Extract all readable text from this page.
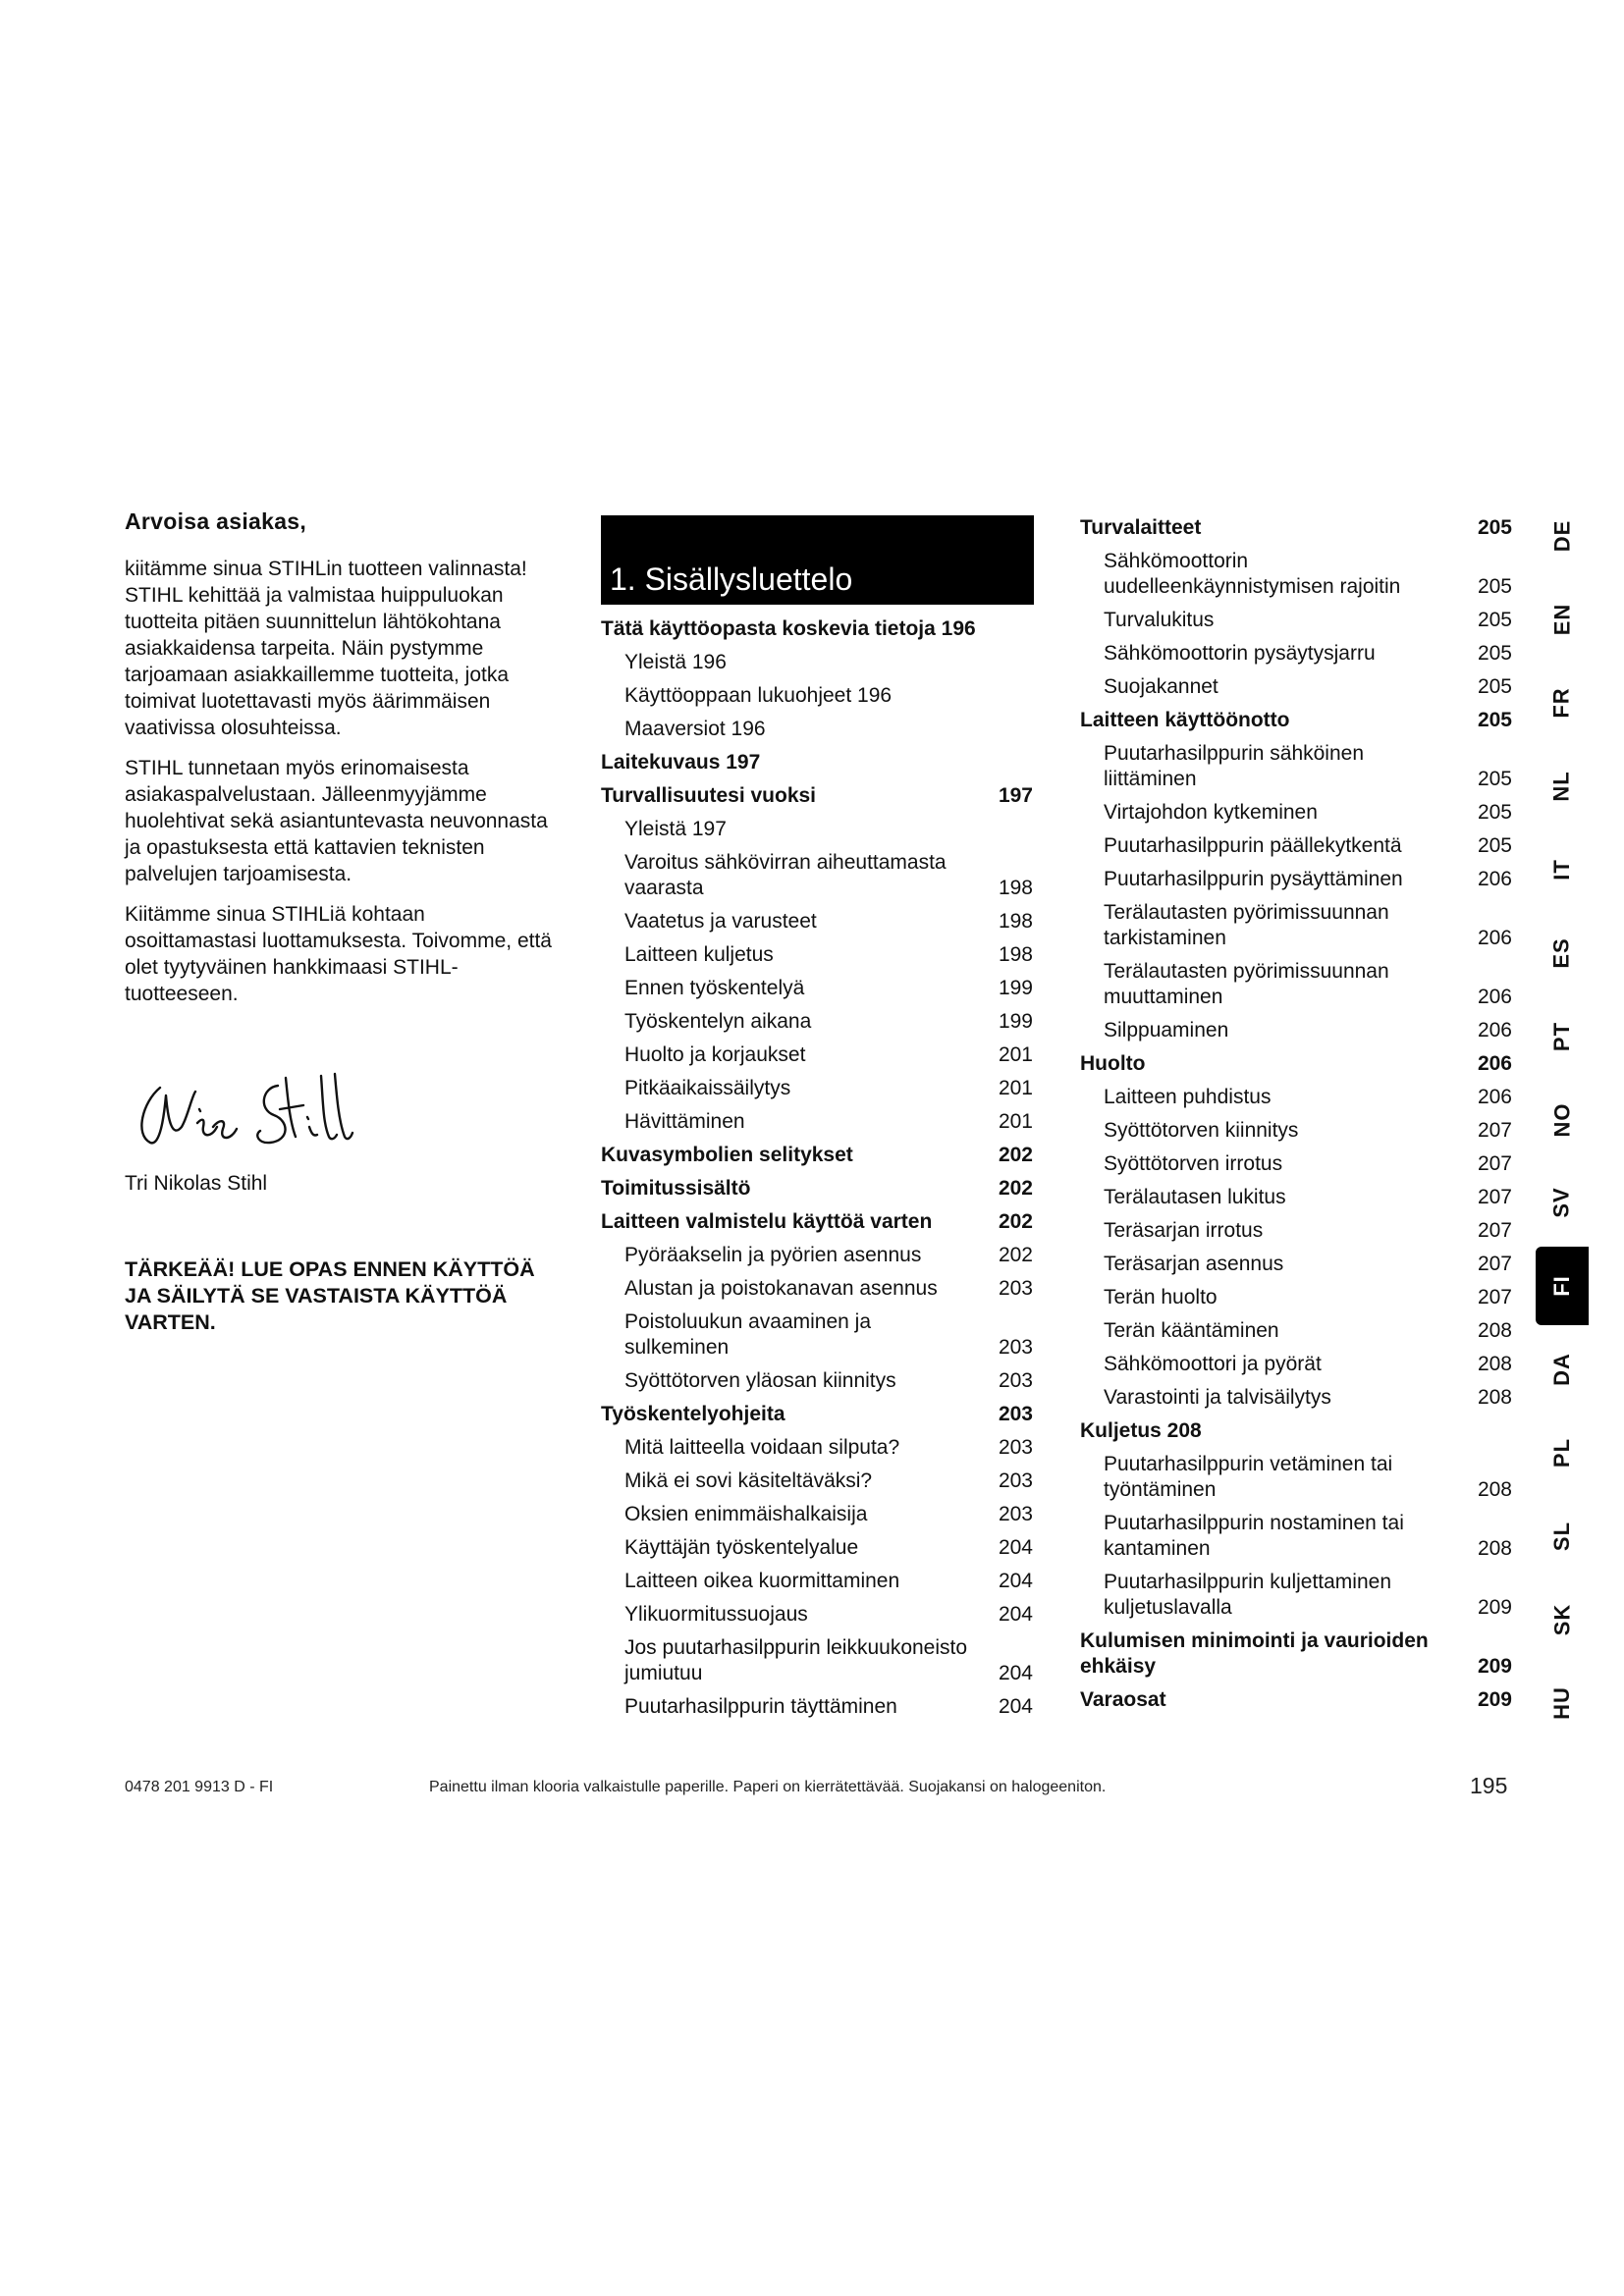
Arvoisa asiakas,

kiitämme sinua STIHLin tuotteen valinnasta! STIHL kehittää ja valmistaa huippuluokan tuotteita pitäen suunnittelun lähtökohtana asiakkaidensa tarpeita. Näin pystymme tarjoamaan asiakkaillemme tuotteita, jotka toimivat luotettavasti myös äärimmäisen vaativissa olosuhteissa.

STIHL tunnetaan myös erinomaisesta asiakaspalvelustaan. Jälleenmyyjämme huolehtivat sekä asiantuntevasta neuvonnasta ja opastuksesta että kattavien teknisten palvelujen tarjoamisesta.

Kiitämme sinua STIHLiä kohtaan osoittamastasi luottamuksesta. Toivomme, että olet tyytyväinen hankkimaasi STIHL-tuotteeseen.

Tri Nikolas Stihl
TÄRKEÄÄ! LUE OPAS ENNEN KÄYTTÖÄ JA SÄILYTÄ SE VASTAISTA KÄYTTÖÄ VARTEN.
1. Sisällysluettelo
Tätä käyttöopasta koskevia tietoja 196
Yleistä 196
Käyttöoppaan lukuohjeet 196
Maaversiot 196
Laitekuvaus 197
Turvallisuutesi vuoksi	197
Yleistä 197
Varoitus sähkövirran aiheuttamasta vaarasta	198
Vaatetus ja varusteet	198
Laitteen kuljetus	198
Ennen työskentelyä	199
Työskentelyn aikana	199
Huolto ja korjaukset	201
Pitkäaikaissäilytys	201
Hävittäminen	201
Kuvasymbolien selitykset	202
Toimitussisältö	202
Laitteen valmistelu käyttöä varten	202
Pyöräakselin ja pyörien asennus	202
Alustan ja poistokanavan asennus	203
Poistoluukun avaaminen ja sulkeminen	203
Syöttötorven yläosan kiinnitys	203
Työskentelyohjeita	203
Mitä laitteella voidaan silputa?	203
Mikä ei sovi käsiteltäväksi?	203
Oksien enimmäishalkaisija	203
Käyttäjän työskentelyalue	204
Laitteen oikea kuormittaminen	204
Ylikuormitussuojaus	204
Jos puutarhasilppurin leikkuukoneisto jumiutuu	204
Puutarhasilppurin täyttäminen	204
Turvalaitteet	205
Sähkömoottorin uudelleenkäynnistymisen rajoitin	205
Turvalukitus	205
Sähkömoottorin pysäytysjarru	205
Suojakannet	205
Laitteen käyttöönotto	205
Puutarhasilppurin sähköinen liittäminen	205
Virtajohdon kytkeminen	205
Puutarhasilppurin päällekytkentä	205
Puutarhasilppurin pysäyttäminen	206
Terälautasten pyörimissuunnan tarkistaminen	206
Terälautasten pyörimissuunnan muuttaminen	206
Silppuaminen	206
Huolto	206
Laitteen puhdistus	206
Syöttötorven kiinnitys	207
Syöttötorven irrotus	207
Terälautasen lukitus	207
Teräsarjan irrotus	207
Teräsarjan asennus	207
Terän huolto	207
Terän kääntäminen	208
Sähkömoottori ja pyörät	208
Varastointi ja talvisäilytys	208
Kuljetus 208
Puutarhasilppurin vetäminen tai työntäminen	208
Puutarhasilppurin nostaminen tai kantaminen	208
Puutarhasilppurin kuljettaminen kuljetuslavalla	209
Kulumisen minimointi ja vaurioiden ehkäisy	209
Varaosat	209
DE
EN
FR
NL
IT
ES
PT
NO
SV
FI
DA
PL
SL
SK
HU
0478 201 9913 D - FI	Painettu ilman klooria valkaistulle paperille. Paperi on kierrätettävää. Suojakansi on halogeeniton.	195
